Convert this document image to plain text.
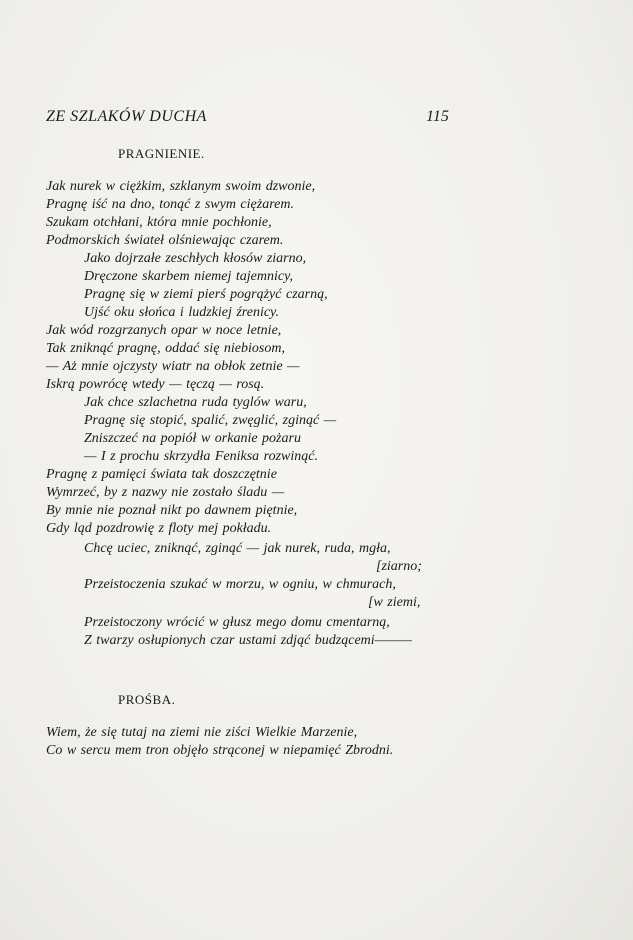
ZE SZLAKÓW DUCHA	115
PRAGNIENIE.
Jak nurek w ciężkim, szklanym swoim dzwonie,
Pragnę iść na dno, tonąć z swym ciężarem.
Szukam otchłani, która mnie pochłonie,
Podmorskich świateł olśniewając czarem.
Jako dojrzałe zeschłych kłosów ziarno,
Dręczone skarbem niemej tajemnicy,
Pragnę się w ziemi pierś pogrążyć czarną,
Ujść oku słońca i ludzkiej źrenicy.
Jak wód rozgrzanych opar w noce letnie,
Tak zniknąć pragnę, oddać się niebiosom,
— Aż mnie ojczysty wiatr na obłok zetnie —
Iskrą powrócę wtedy — tęczą — rosą.
Jak chce szlachetna ruda tyglów waru,
Pragnę się stopić, spalić, zwęglić, zginąć —
Zniszczeć na popiół w orkanie pożaru
— I z prochu skrzydła Feniksa rozwinąć.
Pragnę z pamięci świata tak doszczętnie
Wymrzeć, by z nazwy nie zostało śladu —
By mnie nie poznał nikt po dawnem piętnie,
Gdy ląd pozdrowię z floty mej pokładu.
Chcę uciec, zniknąć, zginąć — jak nurek, ruda, mgła,
[ziarno;
Przeistoczenia szukać w morzu, w ogniu, w chmurach,
[w ziemi,
Przeistoczony wrócić w głusz mego domu cmentarną,
Z twarzy osłupionych czar ustami zdjąć budzącemi———
PROŚBA.
Wiem, że się tutaj na ziemi nie ziści Wielkie Marzenie,
Co w sercu mem tron objęło strąconej w niepamięć Zbrodni.
